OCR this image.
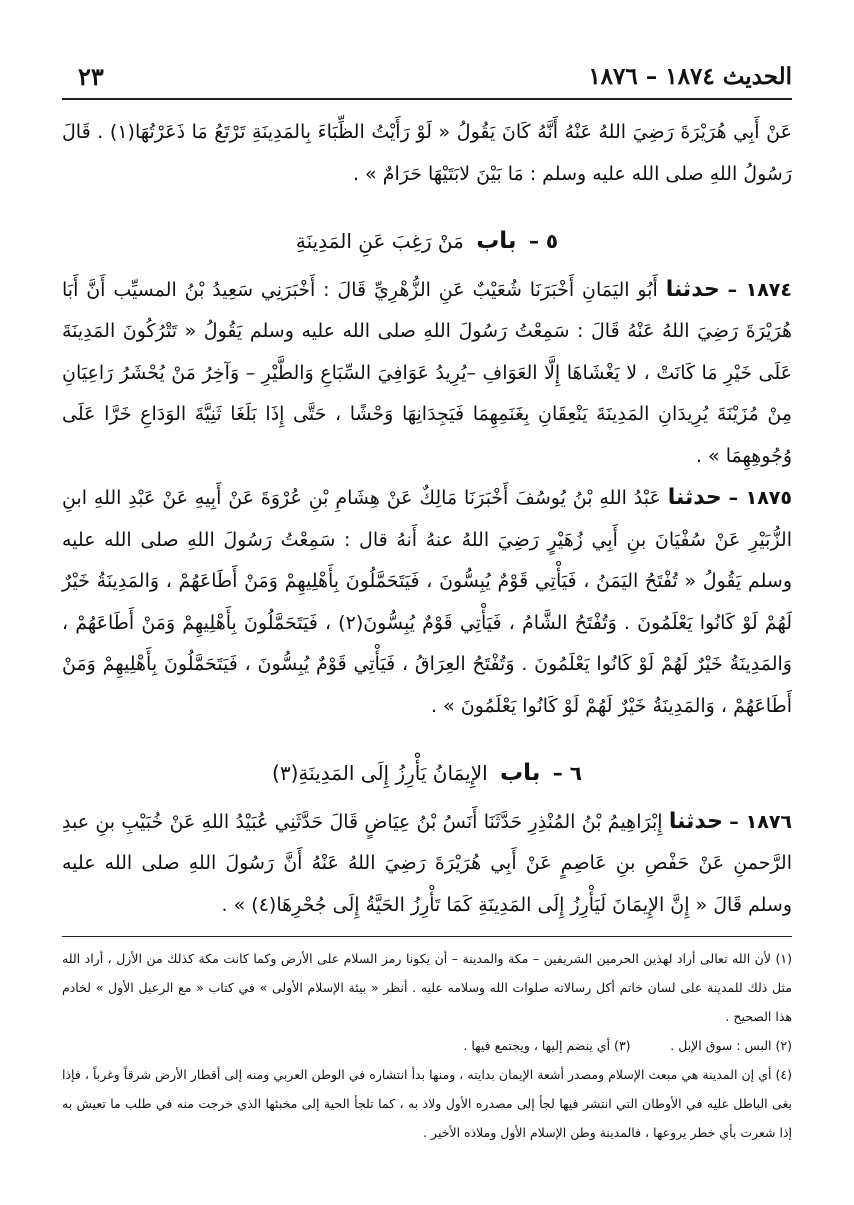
الحديث ١٨٧٤ – ١٨٧٦
٢٣

عَنْ أَبِي هُرَيْرَةَ رَضِيَ اللهُ عَنْهُ أَنَّهُ كَانَ يَقُولُ « لَوْ رَأَيْتُ الظِّبَاءَ بِالمَدِينَةِ تَرْتَعُ مَا ذَعَرْتُهَا(١) . قَالَ رَسُولُ اللهِ صلى الله عليه وسلم : مَا بَيْنَ لابَتَيْهَا حَرَامٌ » .

٥ – باب مَنْ رَغِبَ عَنِ المَدِينَةِ

١٨٧٤ – حدثنا أَبُو اليَمَانِ أَخْبَرَنَا شُعَيْبٌ عَنِ الزُّهْرِيِّ قَالَ : أَخْبَرَنِي سَعِيدُ بْنُ المسيِّب أَنَّ أَبَا هُرَيْرَةَ رَضِيَ اللهُ عَنْهُ قَالَ : سَمِعْتُ رَسُولَ اللهِ صلى الله عليه وسلم يَقُولُ « تَتْرُكُونَ المَدِينَةَ عَلَى خَيْرِ مَا كَانَتْ ، لا يَغْشَاهَا إِلَّا العَوَافِ –يُرِيدُ عَوَافِيَ السِّبَاعِ وَالطَّيْرِ – وَآخِرُ مَنْ يُحْشَرُ رَاعِيَانِ مِنْ مُزَيْنَةَ يُرِيدَانِ المَدِينَةَ يَنْعِقَانِ بِغَنَمِهِمَا فَيَجِدَانِهَا وَحْشًا ، حَتَّى إِذَا بَلَغَا ثَنِيَّةَ الوَدَاعِ خَرَّا عَلَى وُجُوهِهِمَا » .

١٨٧٥ – حدثنا عَبْدُ اللهِ بْنُ يُوسُفَ أَخْبَرَنَا مَالِكٌ عَنْ هِشَامِ بْنِ عُرْوَةَ عَنْ أَبِيهِ عَنْ عَبْدِ اللهِ ابنِ الزُّبَيْرِ عَنْ سُفْيَانَ بنِ أَبِي زُهَيْرٍ رَضِيَ اللهُ عنهُ أَنهُ قال : سَمِعْتُ رَسُولَ اللهِ صلى الله عليه وسلم يَقُولُ « تُفْتَحُ اليَمَنُ ، فَيَأْتِي قَوْمٌ يُبِسُّونَ ، فَيَتَحَمَّلُونَ بِأَهْلِيهِمْ وَمَنْ أَطَاعَهُمْ ، وَالمَدِينَةُ خَيْرٌ لَهُمْ لَوْ كَانُوا يَعْلَمُونَ . وَتُفْتَحُ الشَّامُ ، فَيَأْتِي قَوْمٌ يُبِسُّونَ(٢) ، فَيَتَحَمَّلُونَ بِأَهْلِيهِمْ وَمَنْ أَطَاعَهُمْ ، وَالمَدِينَةُ خَيْرٌ لَهُمْ لَوْ كَانُوا يَعْلَمُونَ . وَتُفْتَحُ العِرَاقُ ، فَيَأْتِي قَوْمٌ يُبِسُّونَ ، فَيَتَحَمَّلُونَ بِأَهْلِيهِمْ وَمَنْ أَطَاعَهُمْ ، وَالمَدِينَةُ خَيْرٌ لَهُمْ لَوْ كَانُوا يَعْلَمُونَ » .

٦ – باب الإِيمَانُ يَأْرِزُ إِلَى المَدِينَةِ(٣)

١٨٧٦ – حدثنا إِبْرَاهِيمُ بْنُ المُنْذِرِ حَدَّثَنَا أَنَسُ بْنُ عِيَاضٍ قَالَ حَدَّثَنِي عُبَيْدُ اللهِ عَنْ خُبَيْبِ بنِ عبدِ الرَّحمنِ عَنْ حَفْصِ بنِ عَاصِمٍ عَنْ أَبِي هُرَيْرَةَ رَضِيَ اللهُ عَنْهُ أَنَّ رَسُولَ اللهِ صلى الله عليه وسلم قَالَ « إِنَّ الإِيمَانَ لَيَأْرِزُ إِلَى المَدِينَةِ كَمَا تَأْرِزُ الحَيَّةُ إِلَى جُحْرِهَا(٤) » .

(١) لأن الله تعالى أراد لهذين الحرمين الشريفين – مكة والمدينة – أن يكونا رمز السلام على الأرض وكما كانت مكة كذلك من الأزل ، أراد الله مثل ذلك للمدينة على لسان خاتم أكل رسالاته صلوات الله وسلامه عليه . أنظر « بيئة الإسلام الأولى » في كتاب « مع الرعيل الأول » لخادم هذا الصحيح .

(٢) البس : سوق الإبل .          (٣) أي ينضم إليها ، ويجتمع فيها .

(٤) أي إن المدينة هي مبعث الإسلام ومصدر أشعة الإيمان بدايته ، ومنها بدأ انتشاره في الوطن العربي ومنه إلى أقطار الأرض شرقاً وغرباً ، فإذا بغى الباطل عليه في الأوطان التي انتشر فيها لجأ إلى مصدره الأول ولاذ به ، كما تلجأ الحية إلى مخبئها الذي خرجت منه في طلب ما تعيش به إذا شعرت بأي خطر يروعها ، فالمدينة وطن الإسلام الأول وملاذه الأخير .
